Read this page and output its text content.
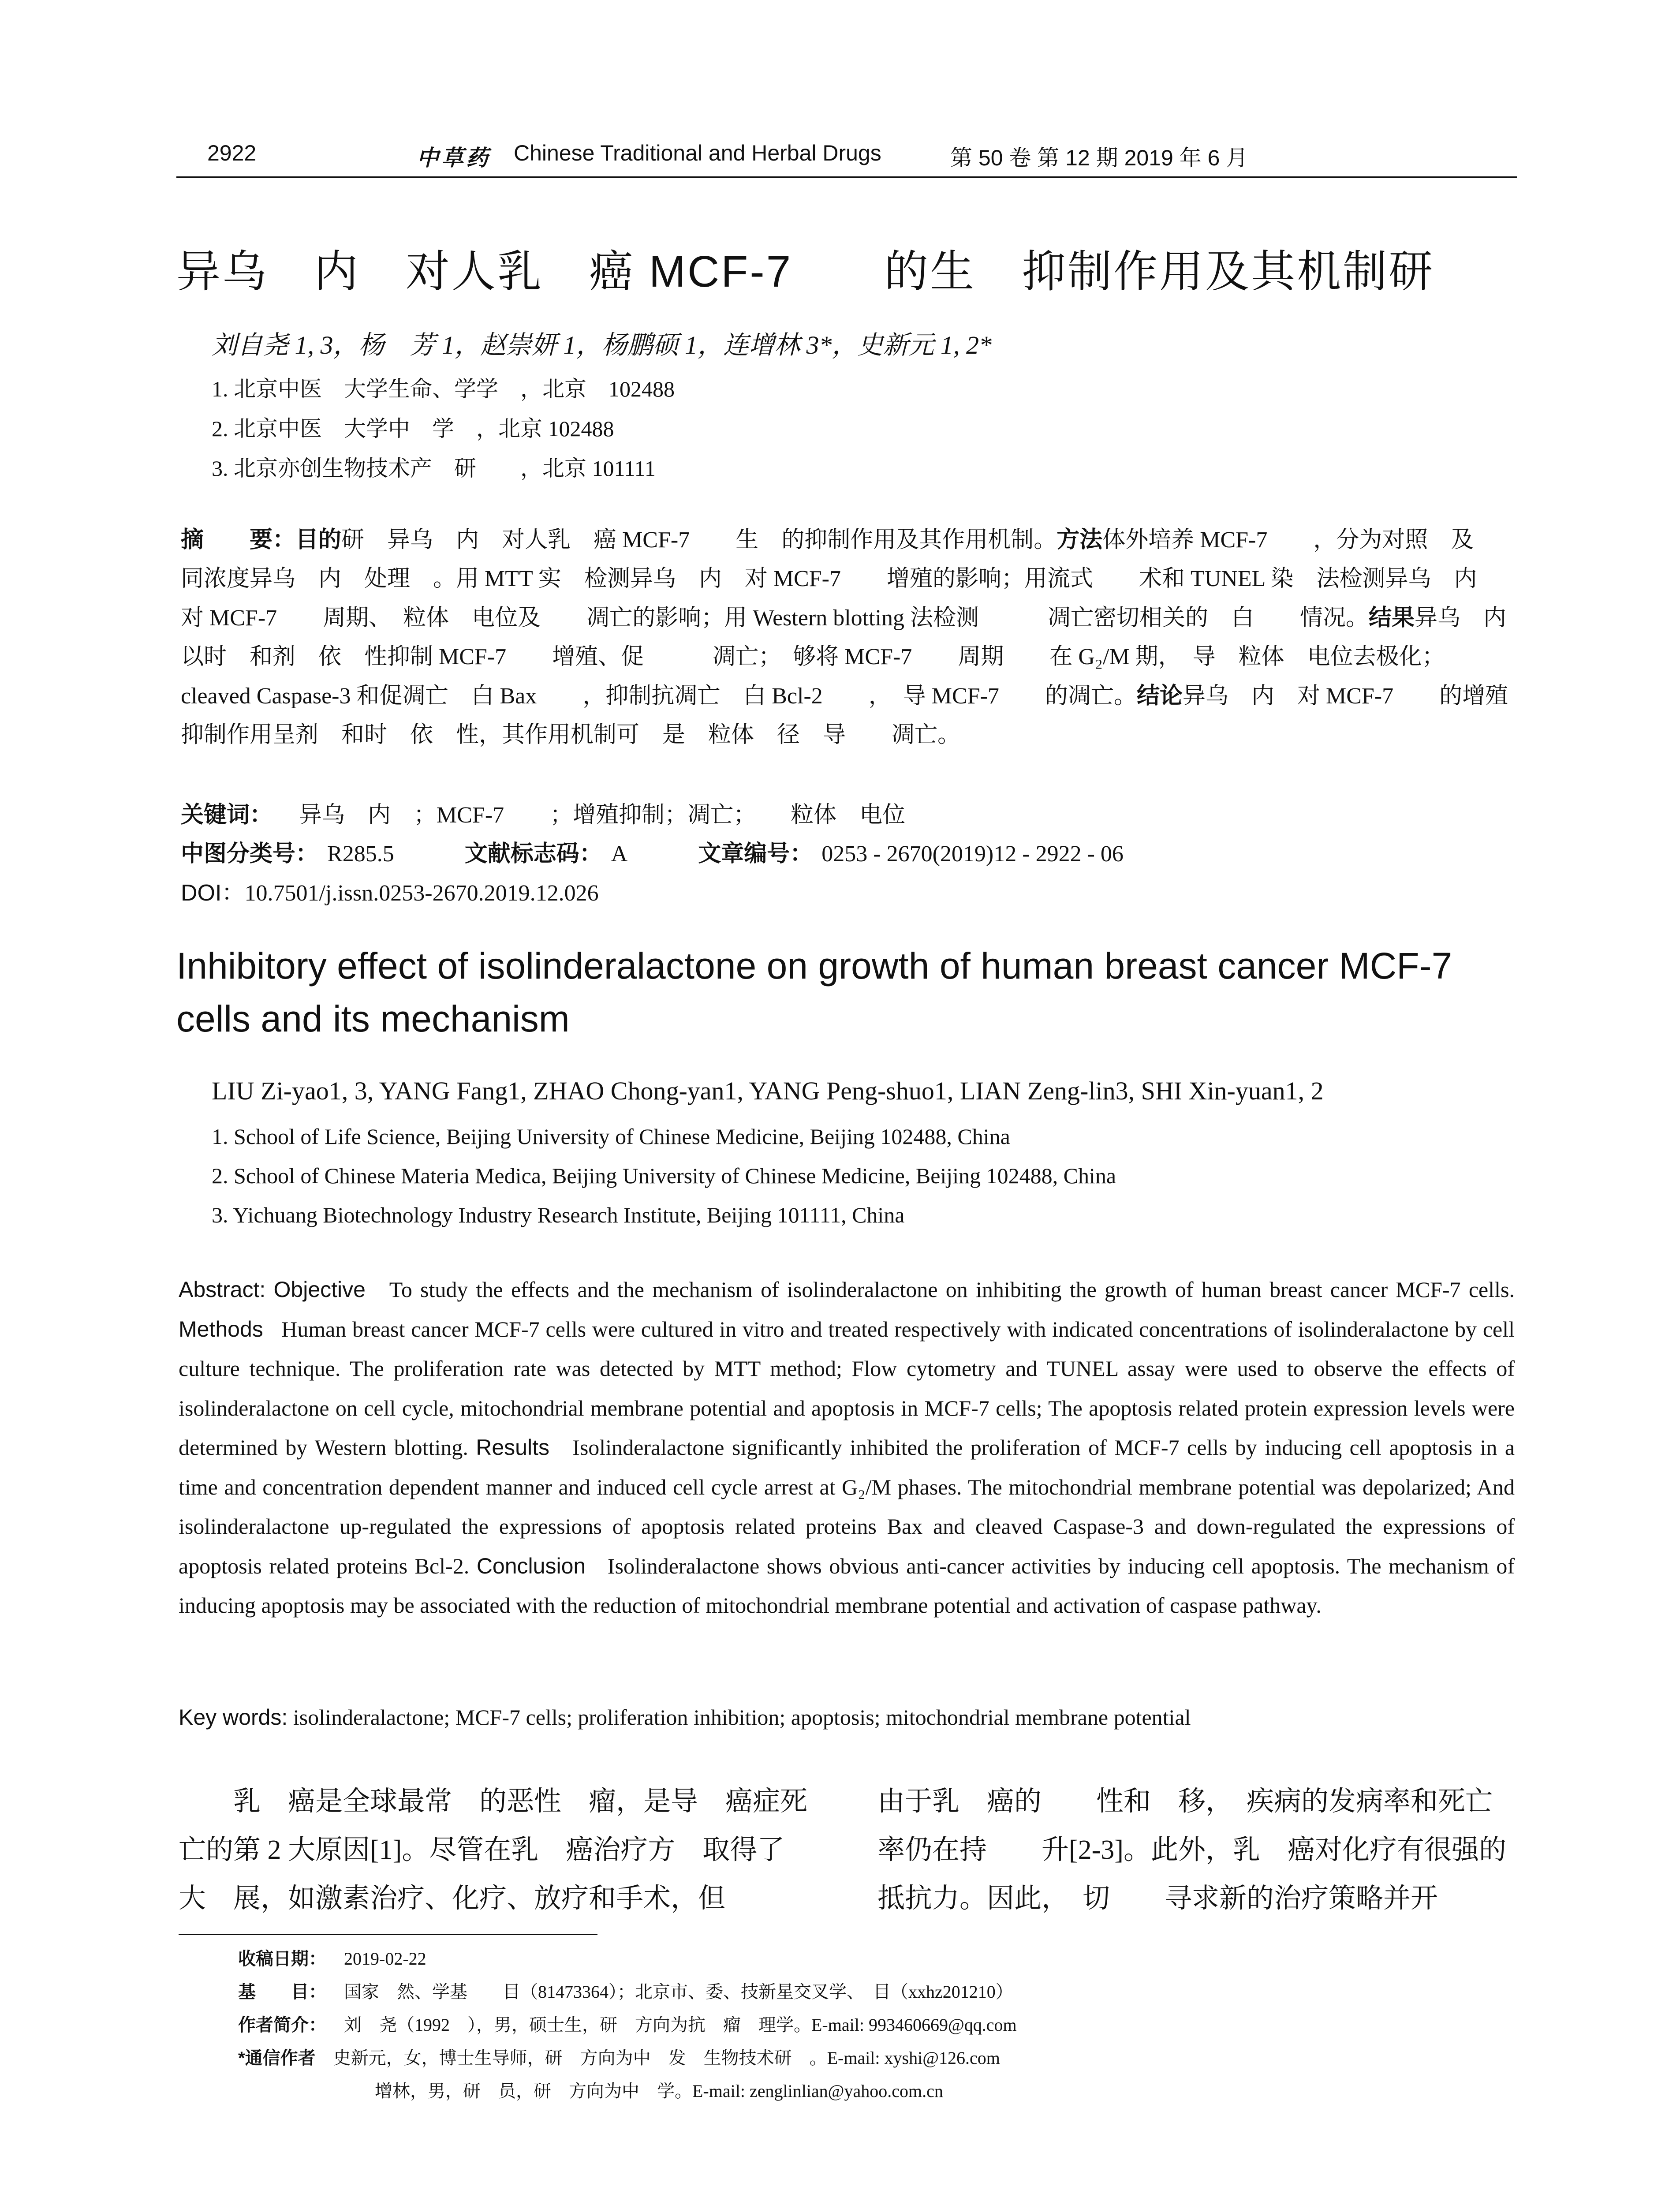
2922	中草药 Chinese Traditional and Herbal Drugs	第 50 卷 第 12 期 2019 年 6 月
异乌　内　对人乳　癌 MCF-7　　的生　抑制作用及其机制研
刘自尧 1, 3，杨　芳 1，赵崇妍 1，杨鹏硕 1，连增林 3*，史新元 1, 2*
1. 北京中医　大学生命、学学　，北京　102488
2. 北京中医　大学中　学　，北京 102488
3. 北京亦创生物技术产　研　　，北京 101111
摘　　要：目的研　异乌　内　对人乳　癌 MCF-7　　生　的抑制作用及其作用机制。方法体外培养 MCF-7　　，分为对照　及　同浓度异乌　内　处理　。用 MTT 实　检测异乌　内　对 MCF-7　　增殖的影响；用流式　　术和 TUNEL 染　法检测异乌　内　对 MCF-7　　周期、　粒体　电位及　　凋亡的影响；用 Western blotting 法检测　　　凋亡密切相关的　白　　情况。结果异乌　内　以时　和剂　依　性抑制 MCF-7　　增殖、促　　　凋亡；　够将 MCF-7　　周期　　在 G₂/M 期，　导　粒体　电位去极化；　　cleaved Caspase-3 和促凋亡　白 Bax　　，抑制抗凋亡　白 Bcl-2　　，　导 MCF-7　　的凋亡。结论异乌　内　对 MCF-7　　的增殖抑制作用呈剂　和时　依　性，其作用机制可　是　粒体　径　导　　凋亡。
关键词： 异乌　内　；MCF-7　　；增殖抑制；凋亡；　　粒体　电位
中图分类号： R285.5	文献标志码： A	文章编号： 0253 - 2670(2019)12 - 2922 - 06
DOI：10.7501/j.issn.0253-2670.2019.12.026
Inhibitory effect of isolinderalactone on growth of human breast cancer MCF-7 cells and its mechanism
LIU Zi-yao1, 3, YANG Fang1, ZHAO Chong-yan1, YANG Peng-shuo1, LIAN Zeng-lin3, SHI Xin-yuan1, 2
1. School of Life Science, Beijing University of Chinese Medicine, Beijing 102488, China
2. School of Chinese Materia Medica, Beijing University of Chinese Medicine, Beijing 102488, China
3. Yichuang Biotechnology Industry Research Institute, Beijing 101111, China
Abstract: Objective To study the effects and the mechanism of isolinderalactone on inhibiting the growth of human breast cancer MCF-7 cells. Methods Human breast cancer MCF-7 cells were cultured in vitro and treated respectively with indicated concentrations of isolinderalactone by cell culture technique. The proliferation rate was detected by MTT method; Flow cytometry and TUNEL assay were used to observe the effects of isolinderalactone on cell cycle, mitochondrial membrane potential and apoptosis in MCF-7 cells; The apoptosis related protein expression levels were determined by Western blotting. Results Isolinderalactone significantly inhibited the proliferation of MCF-7 cells by inducing cell apoptosis in a time and concentration dependent manner and induced cell cycle arrest at G₂/M phases. The mitochondrial membrane potential was depolarized; And isolinderalactone up-regulated the expressions of apoptosis related proteins Bax and cleaved Caspase-3 and down-regulated the expressions of apoptosis related proteins Bcl-2. Conclusion Isolinderalactone shows obvious anti-cancer activities by inducing cell apoptosis. The mechanism of inducing apoptosis may be associated with the reduction of mitochondrial membrane potential and activation of caspase pathway.
Key words: isolinderalactone; MCF-7 cells; proliferation inhibition; apoptosis; mitochondrial membrane potential
　　乳　癌是全球最常　的恶性　瘤，是导　癌症死亡的第 2 大原因[1]。尽管在乳　癌治疗方　取得了　大　展，如激素治疗、化疗、放疗和手术，但
由于乳　癌的　　性和　移，　疾病的发病率和死亡率仍在持　　升[2-3]。此外，乳　癌对化疗有很强的抵抗力。因此，　切　　寻求新的治疗策略并开
收稿日期： 2019-02-22
基　　目： 国家　然、学基　　目（81473364）；北京市、委、技新星交叉学、　目（xxhz201210）
作者简介： 刘　尧（1992　），男，硕士生，研　方向为抗　瘤　理学。E-mail: 993460669@qq.com
*通信作者 史新元，女，博士生导师，研　方向为中　发　生物技术研　。E-mail: xyshi@126.com
增林，男，研　员，研　方向为中　学。E-mail: zenglinlian@yahoo.com.cn
